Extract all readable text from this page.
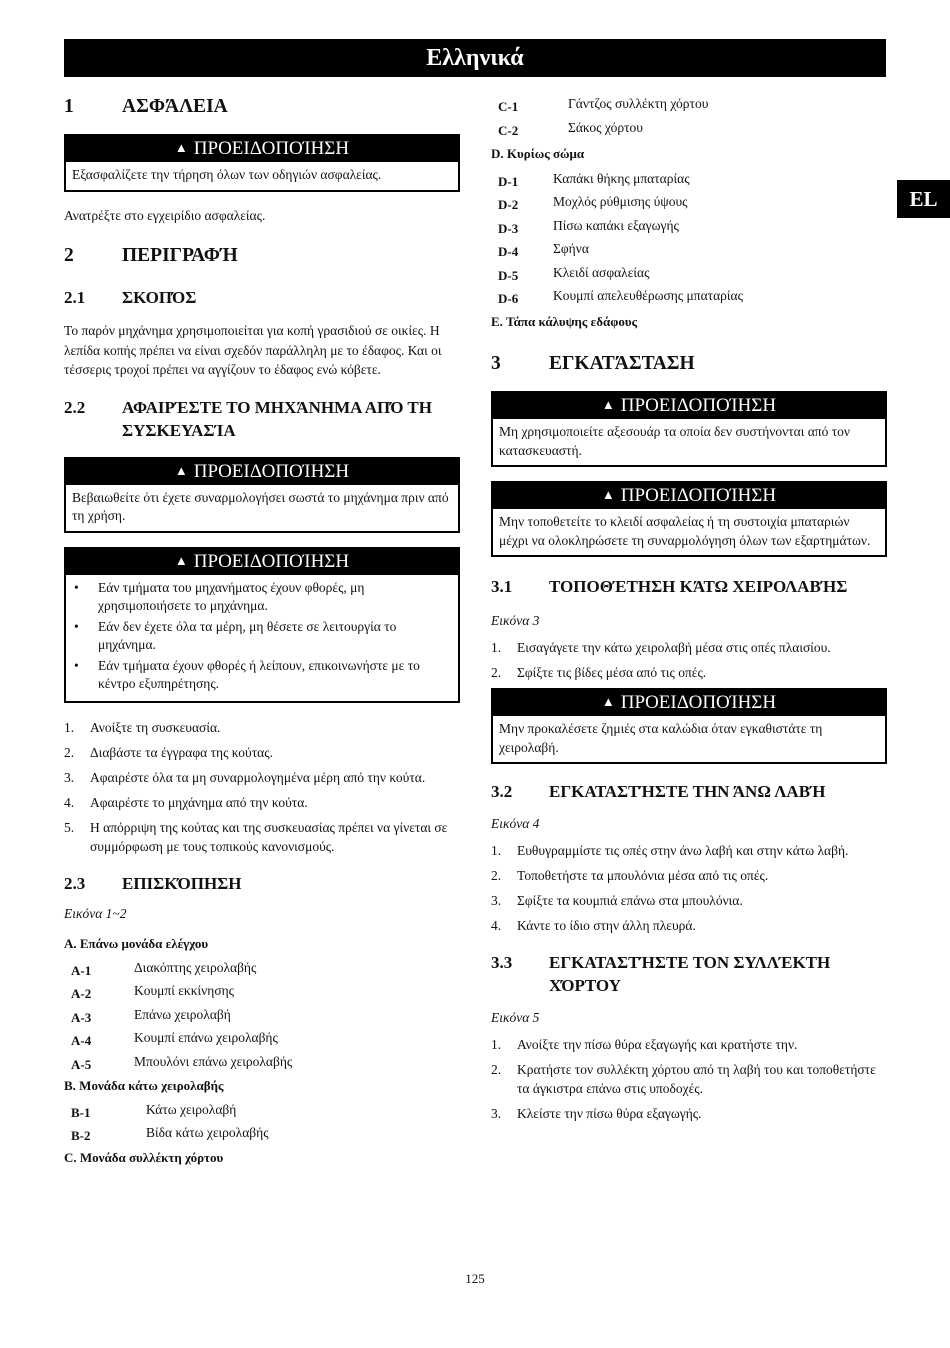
Ελληνικά
EL
1	ΑΣΦΆΛΕΙΑ
▲ ΠΡΟΕΙΔΟΠΟΊΗΣΗ
Εξασφαλίζετε την τήρηση όλων των οδηγιών ασφαλείας.
Ανατρέξτε στο εγχειρίδιο ασφαλείας.
2	ΠΕΡΙΓΡΑΦΉ
2.1	ΣΚΟΠΌΣ
Το παρόν μηχάνημα χρησιμοποιείται για κοπή γρασιδιού σε οικίες. Η λεπίδα κοπής πρέπει να είναι σχεδόν παράλληλη με το έδαφος. Και οι τέσσερις τροχοί πρέπει να αγγίζουν το έδαφος ενώ κόβετε.
2.2	ΑΦΑΙΡΈΣΤΕ ΤΟ ΜΗΧΆΝΗΜΑ ΑΠΌ ΤΗ ΣΥΣΚΕΥΑΣΊΑ
▲ ΠΡΟΕΙΔΟΠΟΊΗΣΗ
Βεβαιωθείτε ότι έχετε συναρμολογήσει σωστά το μηχάνημα πριν από τη χρήση.
▲ ΠΡΟΕΙΔΟΠΟΊΗΣΗ
•	Εάν τμήματα του μηχανήματος έχουν φθορές, μη χρησιμοποιήσετε το μηχάνημα.
•	Εάν δεν έχετε όλα τα μέρη, μη θέσετε σε λειτουργία το μηχάνημα.
•	Εάν τμήματα έχουν φθορές ή λείπουν, επικοινωνήστε με το κέντρο εξυπηρέτησης.
1.	Ανοίξτε τη συσκευασία.
2.	Διαβάστε τα έγγραφα της κούτας.
3.	Αφαιρέστε όλα τα μη συναρμολογημένα μέρη από την κούτα.
4.	Αφαιρέστε το μηχάνημα από την κούτα.
5.	Η απόρριψη της κούτας και της συσκευασίας πρέπει να γίνεται σε συμμόρφωση με τους τοπικούς κανονισμούς.
2.3	ΕΠΙΣΚΌΠΗΣΗ
Εικόνα 1~2
A. Επάνω μονάδα ελέγχου
A-1	Διακόπτης χειρολαβής
A-2	Κουμπί εκκίνησης
A-3	Επάνω χειρολαβή
A-4	Κουμπί επάνω χειρολαβής
A-5	Μπουλόνι επάνω χειρολαβής
B. Μονάδα κάτω χειρολαβής
B-1	Κάτω χειρολαβή
B-2	Βίδα κάτω χειρολαβής
C. Μονάδα συλλέκτη χόρτου
C-1	Γάντζος συλλέκτη χόρτου
C-2	Σάκος χόρτου
D. Κυρίως σώμα
D-1	Καπάκι θήκης μπαταρίας
D-2	Μοχλός ρύθμισης ύψους
D-3	Πίσω καπάκι εξαγωγής
D-4	Σφήνα
D-5	Κλειδί ασφαλείας
D-6	Κουμπί απελευθέρωσης μπαταρίας
E. Τάπα κάλυψης εδάφους
3	ΕΓΚΑΤΆΣΤΑΣΗ
▲ ΠΡΟΕΙΔΟΠΟΊΗΣΗ
Μη χρησιμοποιείτε αξεσουάρ τα οποία δεν συστήνονται από τον κατασκευαστή.
▲ ΠΡΟΕΙΔΟΠΟΊΗΣΗ
Μην τοποθετείτε το κλειδί ασφαλείας ή τη συστοιχία μπαταριών μέχρι να ολοκληρώσετε τη συναρμολόγηση όλων των εξαρτημάτων.
3.1	ΤΟΠΟΘΈΤΗΣΗ ΚΆΤΩ ΧΕΙΡΟΛΑΒΉΣ
Εικόνα 3
1.	Εισαγάγετε την κάτω χειρολαβή μέσα στις οπές πλαισίου.
2.	Σφίξτε τις βίδες μέσα από τις οπές.
▲ ΠΡΟΕΙΔΟΠΟΊΗΣΗ
Μην προκαλέσετε ζημιές στα καλώδια όταν εγκαθιστάτε τη χειρολαβή.
3.2	ΕΓΚΑΤΑΣΤΉΣΤΕ ΤΗΝ ΆΝΩ ΛΑΒΉ
Εικόνα 4
1.	Ευθυγραμμίστε τις οπές στην άνω λαβή και στην κάτω λαβή.
2.	Τοποθετήστε τα μπουλόνια μέσα από τις οπές.
3.	Σφίξτε τα κουμπιά επάνω στα μπουλόνια.
4.	Κάντε το ίδιο στην άλλη πλευρά.
3.3	ΕΓΚΑΤΑΣΤΉΣΤΕ ΤΟΝ ΣΥΛΛΈΚΤΗ ΧΌΡΤΟΥ
Εικόνα 5
1.	Ανοίξτε την πίσω θύρα εξαγωγής και κρατήστε την.
2.	Κρατήστε τον συλλέκτη χόρτου από τη λαβή του και τοποθετήστε τα άγκιστρα επάνω στις υποδοχές.
3.	Κλείστε την πίσω θύρα εξαγωγής.
125
